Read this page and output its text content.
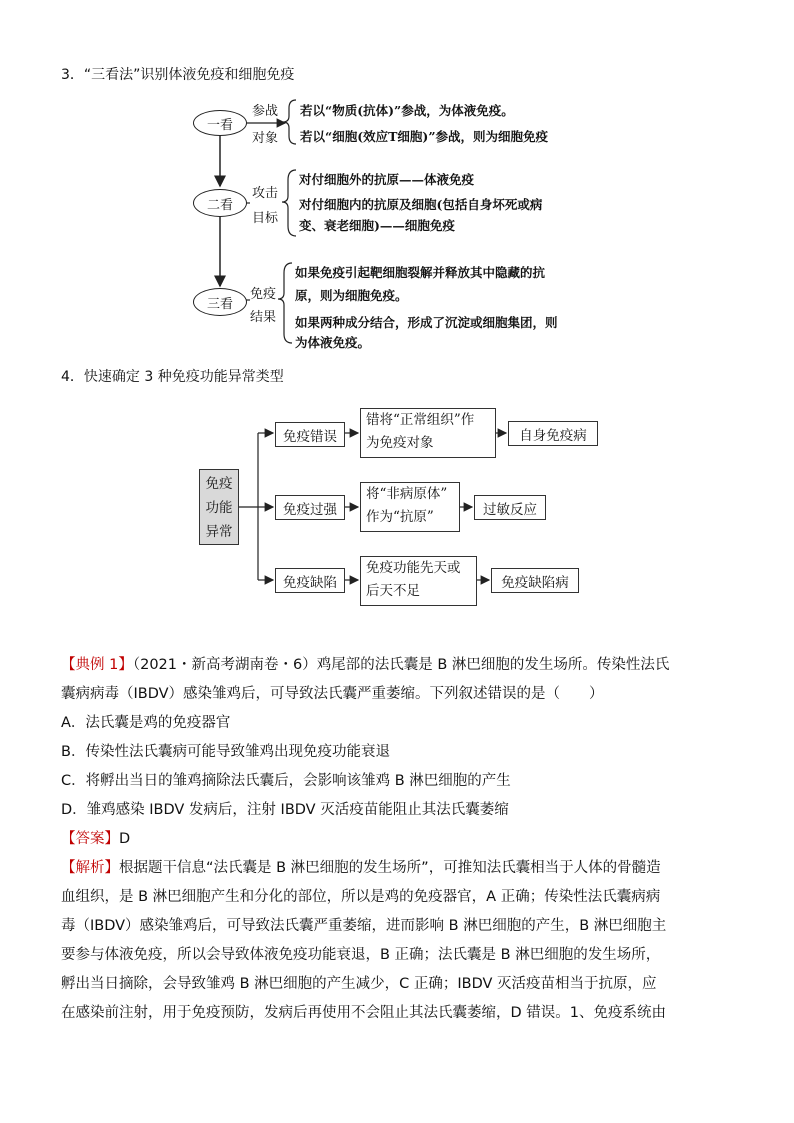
3．“三看法”识别体液免疫和细胞免疫
一看
参战
对象
若以“物质(抗体)”参战，为体液免疫。
若以“细胞(效应T细胞)”参战，则为细胞免疫
二看
攻击
目标
对付细胞外的抗原——体液免疫
对付细胞内的抗原及细胞(包括自身坏死或病
变、衰老细胞)——细胞免疫
三看
免疫
结果
如果免疫引起靶细胞裂解并释放其中隐藏的抗
原，则为细胞免疫。
如果两种成分结合，形成了沉淀或细胞集团，则
为体液免疫。
4．快速确定 3 种免疫功能异常类型
免疫
功能
异常
免疫错误
错将“正常组织”作
为免疫对象	自身免疫病
免疫过强
将“非病原体”
作为“抗原”	过敏反应
免疫缺陷
免疫功能先天或
后天不足
免疫缺陷病
【典例 1】（2021・新高考湖南卷・6）鸡尾部的法氏囊是 B 淋巴细胞的发生场所。传染性法氏
囊病病毒（IBDV）感染雏鸡后，可导致法氏囊严重萎缩。下列叙述错误的是（　　）
A．法氏囊是鸡的免疫器官
B．传染性法氏囊病可能导致雏鸡出现免疫功能衰退
C．将孵出当日的雏鸡摘除法氏囊后，会影响该雏鸡 B 淋巴细胞的产生
D．雏鸡感染 IBDV 发病后，注射 IBDV 灭活疫苗能阻止其法氏囊萎缩
【答案】D
【解析】根据题干信息“法氏囊是 B 淋巴细胞的发生场所”，可推知法氏囊相当于人体的骨髓造
血组织，是 B 淋巴细胞产生和分化的部位，所以是鸡的免疫器官，A 正确；传染性法氏囊病病
毒（IBDV）感染雏鸡后，可导致法氏囊严重萎缩，进而影响 B 淋巴细胞的产生，B 淋巴细胞主
要参与体液免疫，所以会导致体液免疫功能衰退，B 正确；法氏囊是 B 淋巴细胞的发生场所，
孵出当日摘除，会导致雏鸡 B 淋巴细胞的产生减少，C 正确；IBDV 灭活疫苗相当于抗原，应
在感染前注射，用于免疫预防，发病后再使用不会阻止其法氏囊萎缩，D 错误。1、免疫系统由
